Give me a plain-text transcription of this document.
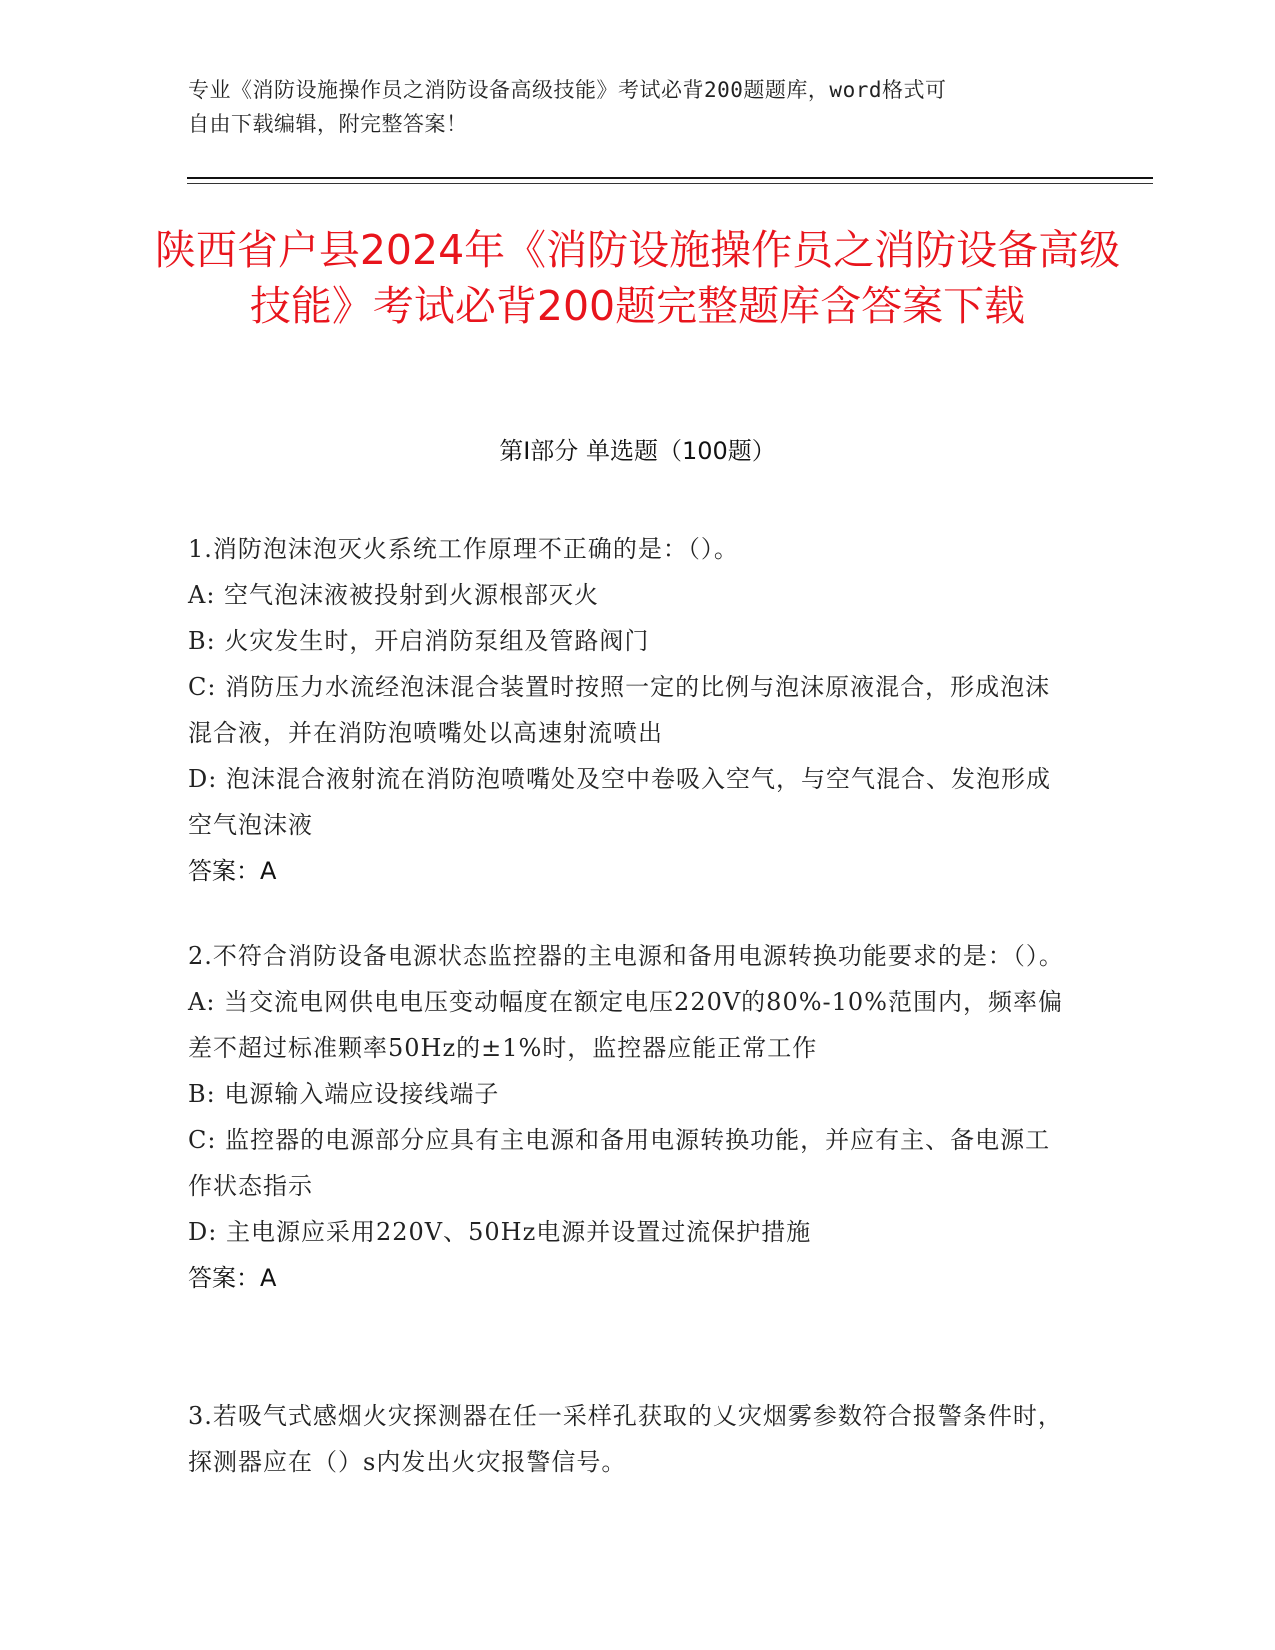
专业《消防设施操作员之消防设备高级技能》考试必背200题题库，word格式可
自由下载编辑，附完整答案！
陕西省户县2024年《消防设施操作员之消防设备高级技能》考试必背200题完整题库含答案下载
第I部分 单选题（100题）

1.消防泡沫泡灭火系统工作原理不正确的是：（）。

A: 空气泡沫液被投射到火源根部灭火

B: 火灾发生时，开启消防泵组及管路阀门

C: 消防压力水流经泡沫混合装置时按照一定的比例与泡沫原液混合，形成泡沫混合液，并在消防泡喷嘴处以高速射流喷出

D: 泡沫混合液射流在消防泡喷嘴处及空中卷吸入空气，与空气混合、发泡形成空气泡沫液

答案：A

2.不符合消防设备电源状态监控器的主电源和备用电源转换功能要求的是：（）。

A: 当交流电网供电电压变动幅度在额定电压220V的80%-10%范围内，频率偏差不超过标准颗率50Hz的±1%时，监控器应能正常工作

B: 电源输入端应设接线端子

C: 监控器的电源部分应具有主电源和备用电源转换功能，并应有主、备电源工作状态指示

D: 主电源应采用220V、50Hz电源并设置过流保护措施

答案：A

3.若吸气式感烟火灾探测器在任一采样孔获取的乂灾烟雾参数符合报警条件时，探测器应在（）s内发出火灾报警信号。
